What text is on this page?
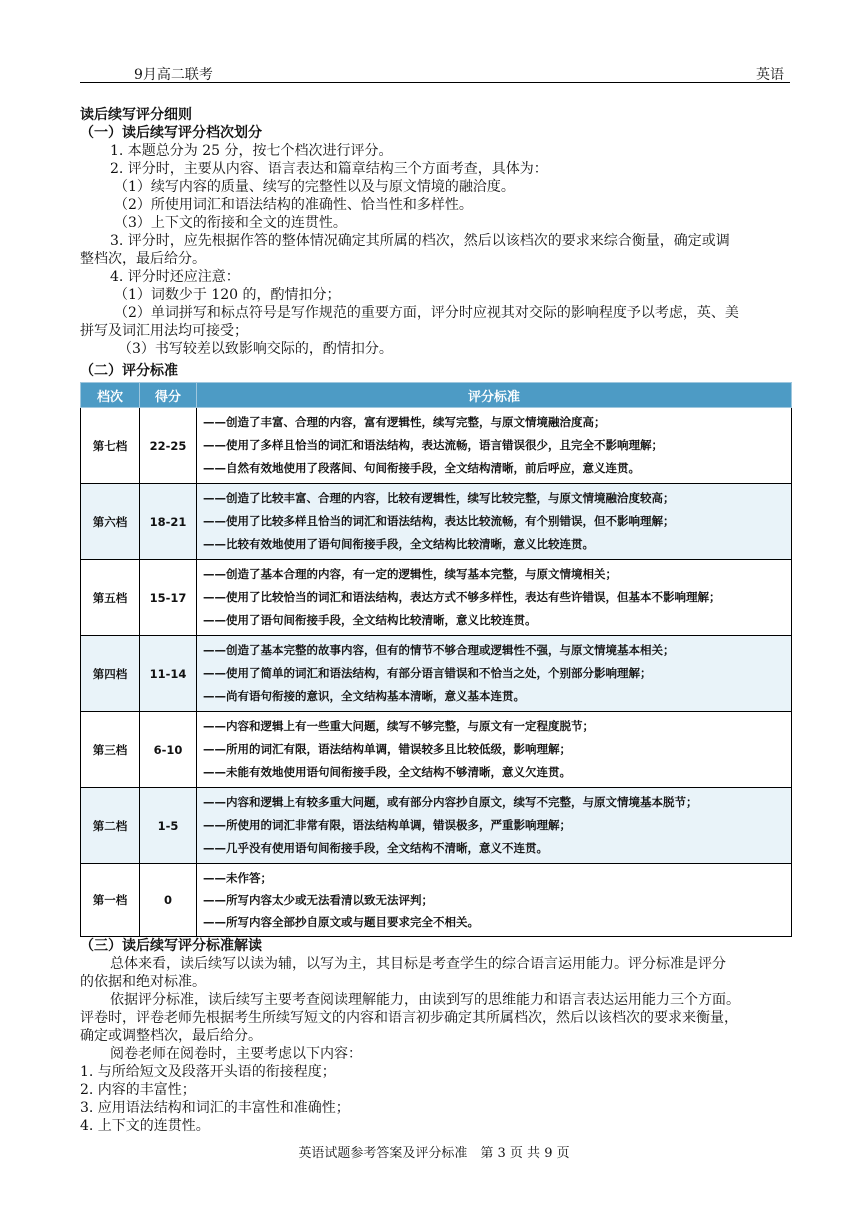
9月高二联考	英语
读后续写评分细则
（一）读后续写评分档次划分
1. 本题总分为 25 分，按七个档次进行评分。
2. 评分时，主要从内容、语言表达和篇章结构三个方面考查，具体为：
（1）续写内容的质量、续写的完整性以及与原文情境的融洽度。
（2）所使用词汇和语法结构的准确性、恰当性和多样性。
（3）上下文的衔接和全文的连贯性。
3. 评分时，应先根据作答的整体情况确定其所属的档次，然后以该档次的要求来综合衡量，确定或调
整档次，最后给分。
4. 评分时还应注意：
（1）词数少于 120 的，酌情扣分；
（2）单词拼写和标点符号是写作规范的重要方面，评分时应视其对交际的影响程度予以考虑，英、美
拼写及词汇用法均可接受；
（3）书写较差以致影响交际的，酌情扣分。
（二）评分标准
档次	得分	评分标准
第七档	22-25	——创造了丰富、合理的内容，富有逻辑性，续写完整，与原文情境融洽度高；
——使用了多样且恰当的词汇和语法结构，表达流畅，语言错误很少，且完全不影响理解；
——自然有效地使用了段落间、句间衔接手段，全文结构清晰，前后呼应，意义连贯。

第六档	18-21	——创造了比较丰富、合理的内容，比较有逻辑性，续写比较完整，与原文情境融洽度较高；
——使用了比较多样且恰当的词汇和语法结构，表达比较流畅，有个别错误，但不影响理解；
——比较有效地使用了语句间衔接手段，全文结构比较清晰，意义比较连贯。

第五档	15-17	——创造了基本合理的内容，有一定的逻辑性，续写基本完整，与原文情境相关；
——使用了比较恰当的词汇和语法结构，表达方式不够多样性，表达有些许错误，但基本不影响理解；
——使用了语句间衔接手段，全文结构比较清晰，意义比较连贯。

第四档	11-14	——创造了基本完整的故事内容，但有的情节不够合理或逻辑性不强，与原文情境基本相关；
——使用了简单的词汇和语法结构，有部分语言错误和不恰当之处，个别部分影响理解；
——尚有语句衔接的意识，全文结构基本清晰，意义基本连贯。

第三档	6-10	——内容和逻辑上有一些重大问题，续写不够完整，与原文有一定程度脱节；
——所用的词汇有限，语法结构单调，错误较多且比较低级，影响理解；
——未能有效地使用语句间衔接手段，全文结构不够清晰，意义欠连贯。

第二档	1-5	——内容和逻辑上有较多重大问题，或有部分内容抄自原文，续写不完整，与原文情境基本脱节；
——所使用的词汇非常有限，语法结构单调，错误极多，严重影响理解；
——几乎没有使用语句间衔接手段，全文结构不清晰，意义不连贯。

第一档	0	——未作答；
——所写内容太少或无法看清以致无法评判；
——所写内容全部抄自原文或与题目要求完全不相关。
（三）读后续写评分标准解读
总体来看，读后续写以读为辅，以写为主，其目标是考查学生的综合语言运用能力。评分标准是评分
的依据和绝对标准。
依据评分标准，读后续写主要考查阅读理解能力，由读到写的思维能力和语言表达运用能力三个方面。
评卷时，评卷老师先根据考生所续写短文的内容和语言初步确定其所属档次，然后以该档次的要求来衡量，
确定或调整档次，最后给分。
阅卷老师在阅卷时，主要考虑以下内容：
1. 与所给短文及段落开头语的衔接程度；
2. 内容的丰富性；
3. 应用语法结构和词汇的丰富性和准确性；
4. 上下文的连贯性。
英语试题参考答案及评分标准　第 3 页 共 9 页
